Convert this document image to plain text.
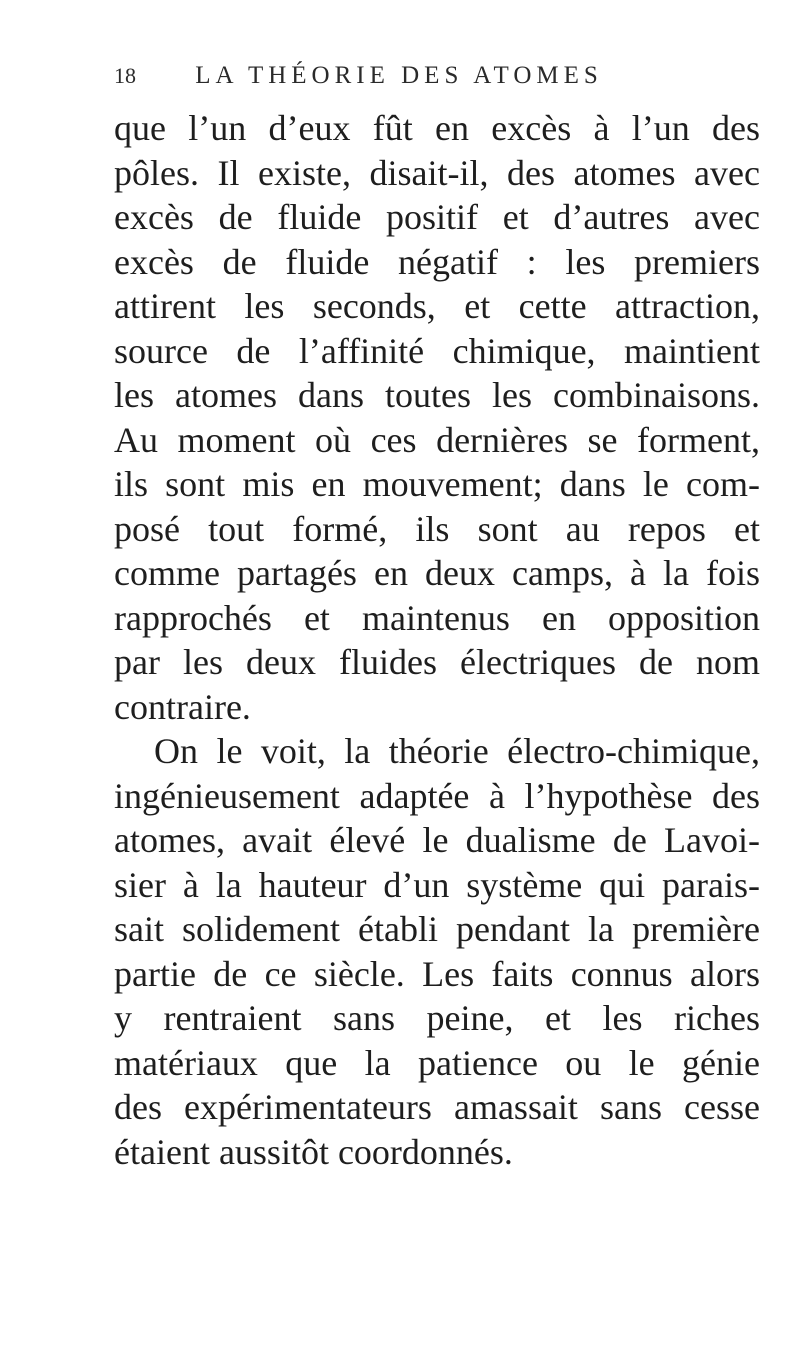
18	LA THÉORIE DES ATOMES
que l’un d’eux fût en excès à l’un des
pôles. Il existe, disait-il, des atomes avec
excès de fluide positif et d’autres avec
excès de fluide négatif : les premiers
attirent les seconds, et cette attraction,
source de l’affinité chimique, maintient
les atomes dans toutes les combinaisons.
Au moment où ces dernières se forment,
ils sont mis en mouvement; dans le com-
posé tout formé, ils sont au repos et
comme partagés en deux camps, à la fois
rapprochés et maintenus en opposition
par les deux fluides électriques de nom
contraire.
On le voit, la théorie électro-chimique,
ingénieusement adaptée à l’hypothèse des
atomes, avait élevé le dualisme de Lavoi-
sier à la hauteur d’un système qui parais-
sait solidement établi pendant la première
partie de ce siècle. Les faits connus alors
y rentraient sans peine, et les riches
matériaux que la patience ou le génie
des expérimentateurs amassait sans cesse
étaient aussitôt coordonnés.
